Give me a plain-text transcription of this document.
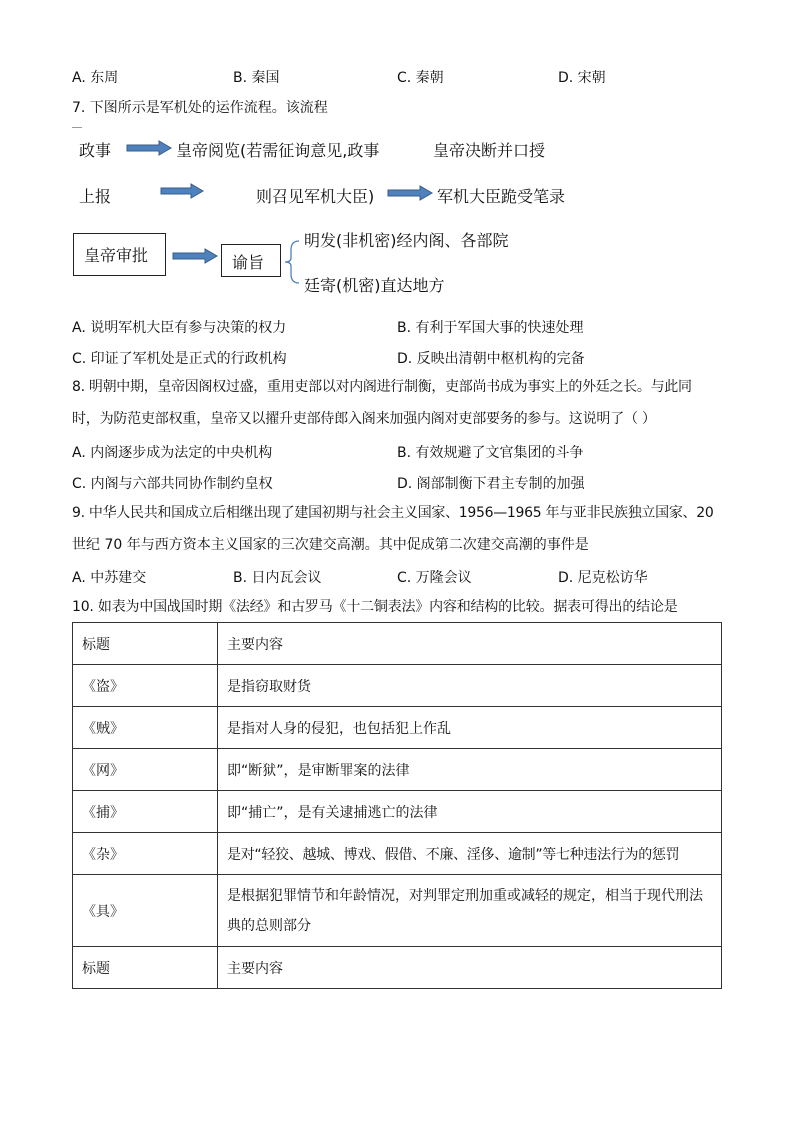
A. 东周	B. 秦国	C. 秦朝	D. 宋朝
7. 下图所示是军机处的运作流程。该流程
政事	皇帝阅览(若需征询意见,政事	皇帝决断并口授
上报	则召见军机大臣)	军机大臣跪受笔录
皇帝审批	谕旨
明发(非机密)经内阁、各部院
廷寄(机密)直达地方
A. 说明军机大臣有参与决策的权力	B. 有利于军国大事的快速处理
C. 印证了军机处是正式的行政机构	D. 反映出清朝中枢机构的完备
8. 明朝中期，皇帝因阁权过盛，重用吏部以对内阁进行制衡，吏部尚书成为事实上的外廷之长。与此同
时，为防范吏部权重，皇帝又以擢升吏部侍郎入阁来加强内阁对吏部要务的参与。这说明了（ ）
A. 内阁逐步成为法定的中央机构	B. 有效规避了文官集团的斗争
C. 内阁与六部共同协作制约皇权	D. 阁部制衡下君主专制的加强
9. 中华人民共和国成立后相继出现了建国初期与社会主义国家、1956—1965 年与亚非民族独立国家、20
世纪 70 年与西方资本主义国家的三次建交高潮。其中促成第二次建交高潮的事件是
A. 中苏建交	B. 日内瓦会议	C. 万隆会议	D. 尼克松访华
10. 如表为中国战国时期《法经》和古罗马《十二铜表法》内容和结构的比较。据表可得出的结论是
标题	主要内容
《盗》	是指窃取财货
《贼》	是指对人身的侵犯，也包括犯上作乱
《网》	即“断狱”，是审断罪案的法律
《捕》	即“捕亡”，是有关逮捕逃亡的法律
《杂》	是对“轻狡、越城、博戏、假借、不廉、淫侈、逾制”等七种违法行为的惩罚
《具》	是根据犯罪情节和年龄情况，对判罪定刑加重或减轻的规定，相当于现代刑法典的总则部分
标题	主要内容
